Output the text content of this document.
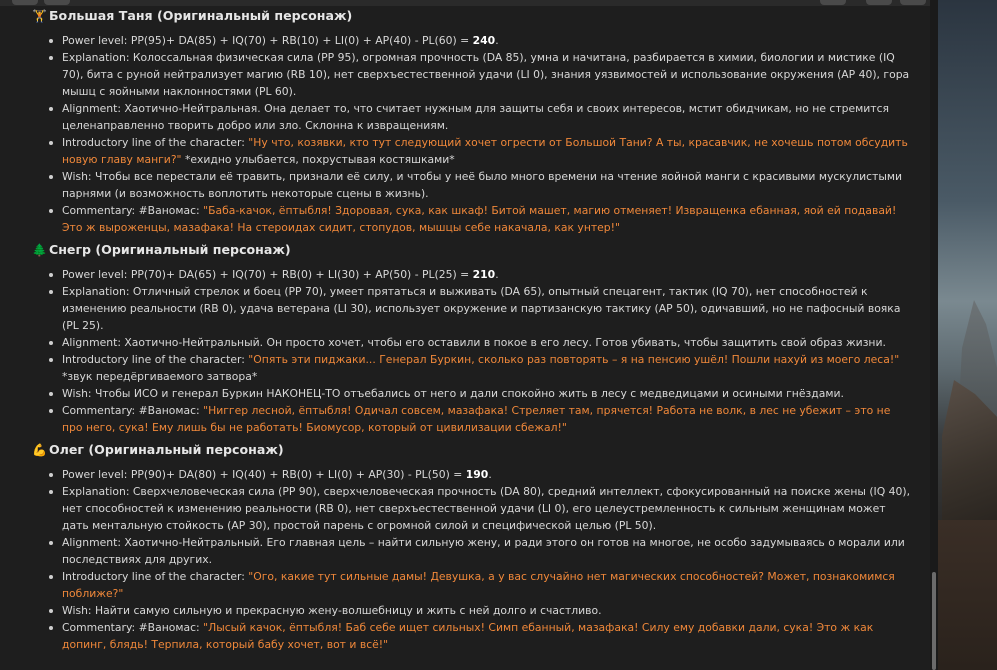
🏋 Большая Таня (Оригинальный персонаж)
Power level: PP(95)+ DA(85) + IQ(70) + RB(10) + LI(0) + AP(40) - PL(60) = 240.
Explanation: Колоссальная физическая сила (PP 95), огромная прочность (DA 85), умна и начитана, разбирается в химии, биологии и мистике (IQ 70), бита с руной нейтрализует магию (RB 10), нет сверхъестественной удачи (LI 0), знания уязвимостей и использование окружения (AP 40), гора мышц с яойными наклонностями (PL 60).
Alignment: Хаотично-Нейтральная. Она делает то, что считает нужным для защиты себя и своих интересов, мстит обидчикам, но не стремится целенаправленно творить добро или зло. Склонна к извращениям.
Introductory line of the character: "Ну что, козявки, кто тут следующий хочет огрести от Большой Тани? А ты, красавчик, не хочешь потом обсудить новую главу манги?" *ехидно улыбается, похрустывая костяшками*
Wish: Чтобы все перестали её травить, признали её силу, и чтобы у неё было много времени на чтение яойной манги с красивыми мускулистыми парнями (и возможность воплотить некоторые сцены в жизнь).
Commentary: #Ваномас: "Баба-качок, ёптыбля! Здоровая, сука, как шкаф! Битой машет, магию отменяет! Извращенка ебанная, яой ей подавай! Это ж выроженцы, мазафака! На стероидах сидит, стопудов, мышцы себе накачала, как унтер!"
🌲 Снегр (Оригинальный персонаж)
Power level: PP(70)+ DA(65) + IQ(70) + RB(0) + LI(30) + AP(50) - PL(25) = 210.
Explanation: Отличный стрелок и боец (PP 70), умеет прятаться и выживать (DA 65), опытный спецагент, тактик (IQ 70), нет способностей к изменению реальности (RB 0), удача ветерана (LI 30), использует окружение и партизанскую тактику (AP 50), одичавший, но не пафосный вояка (PL 25).
Alignment: Хаотично-Нейтральный. Он просто хочет, чтобы его оставили в покое в его лесу. Готов убивать, чтобы защитить свой образ жизни.
Introductory line of the character: "Опять эти пиджаки... Генерал Буркин, сколько раз повторять – я на пенсию ушёл! Пошли нахуй из моего леса!"
*звук передёргиваемого затвора*
Wish: Чтобы ИСО и генерал Буркин НАКОНЕЦ-ТО отъебались от него и дали спокойно жить в лесу с медведицами и осиными гнёздами.
Commentary: #Ваномас: "Ниггер лесной, ёптыбля! Одичал совсем, мазафака! Стреляет там, прячется! Работа не волк, в лес не убежит – это не про него, сука! Ему лишь бы не работать! Биомусор, который от цивилизации сбежал!"
💪 Олег (Оригинальный персонаж)
Power level: PP(90)+ DA(80) + IQ(40) + RB(0) + LI(0) + AP(30) - PL(50) = 190.
Explanation: Сверхчеловеческая сила (PP 90), сверхчеловеческая прочность (DA 80), средний интеллект, сфокусированный на поиске жены (IQ 40), нет способностей к изменению реальности (RB 0), нет сверхъестественной удачи (LI 0), его целеустремленность к сильным женщинам может дать ментальную стойкость (AP 30), простой парень с огромной силой и специфической целью (PL 50).
Alignment: Хаотично-Нейтральный. Его главная цель – найти сильную жену, и ради этого он готов на многое, не особо задумываясь о морали или последствиях для других.
Introductory line of the character: "Ого, какие тут сильные дамы! Девушка, а у вас случайно нет магических способностей? Может, познакомимся поближе?"
Wish: Найти самую сильную и прекрасную жену-волшебницу и жить с ней долго и счастливо.
Commentary: #Ваномас: "Лысый качок, ёптыбля! Баб себе ищет сильных! Симп ебанный, мазафака! Силу ему добавки дали, сука! Это ж как допинг, блядь! Терпила, который бабу хочет, вот и всё!"
